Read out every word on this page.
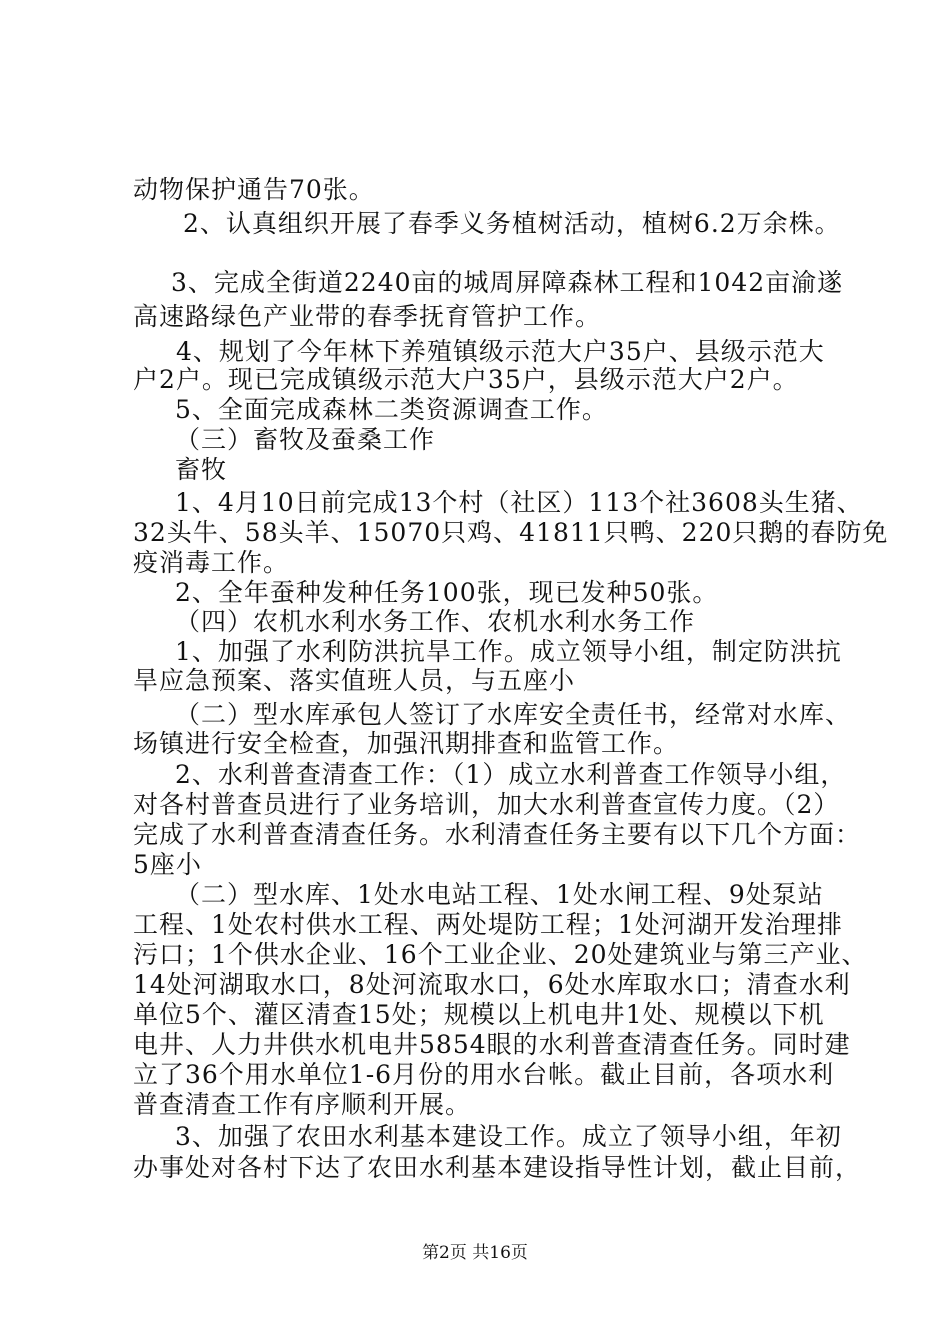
动物保护通告70张。
2、认真组织开展了春季义务植树活动，植树6.2万余株。
3、完成全街道2240亩的城周屏障森林工程和1042亩渝遂
高速路绿色产业带的春季抚育管护工作。
4、规划了今年林下养殖镇级示范大户35户、县级示范大
户2户。现已完成镇级示范大户35户，县级示范大户2户。
5、全面完成森林二类资源调查工作。
（三）畜牧及蚕桑工作
畜牧
1、4月10日前完成13个村（社区）113个社3608头生猪、
32头牛、58头羊、15070只鸡、41811只鸭、220只鹅的春防免
疫消毒工作。
2、全年蚕种发种任务100张，现已发种50张。
（四）农机水利水务工作、农机水利水务工作
1、加强了水利防洪抗旱工作。成立领导小组，制定防洪抗
旱应急预案、落实值班人员，与五座小
（二）型水库承包人签订了水库安全责任书，经常对水库、
场镇进行安全检查，加强汛期排查和监管工作。
2、水利普查清查工作：（1）成立水利普查工作领导小组，
对各村普查员进行了业务培训，加大水利普查宣传力度。（2）
完成了水利普查清查任务。水利清查任务主要有以下几个方面：
5座小
（二）型水库、1处水电站工程、1处水闸工程、9处泵站
工程、1处农村供水工程、两处堤防工程；1处河湖开发治理排
污口；1个供水企业、16个工业企业、20处建筑业与第三产业、
14处河湖取水口，8处河流取水口，6处水库取水口；清查水利
单位5个、灌区清查15处；规模以上机电井1处、规模以下机
电井、人力井供水机电井5854眼的水利普查清查任务。同时建
立了36个用水单位1-6月份的用水台帐。截止目前，各项水利
普查清查工作有序顺利开展。
3、加强了农田水利基本建设工作。成立了领导小组，年初
办事处对各村下达了农田水利基本建设指导性计划，截止目前，
第2页 共16页
